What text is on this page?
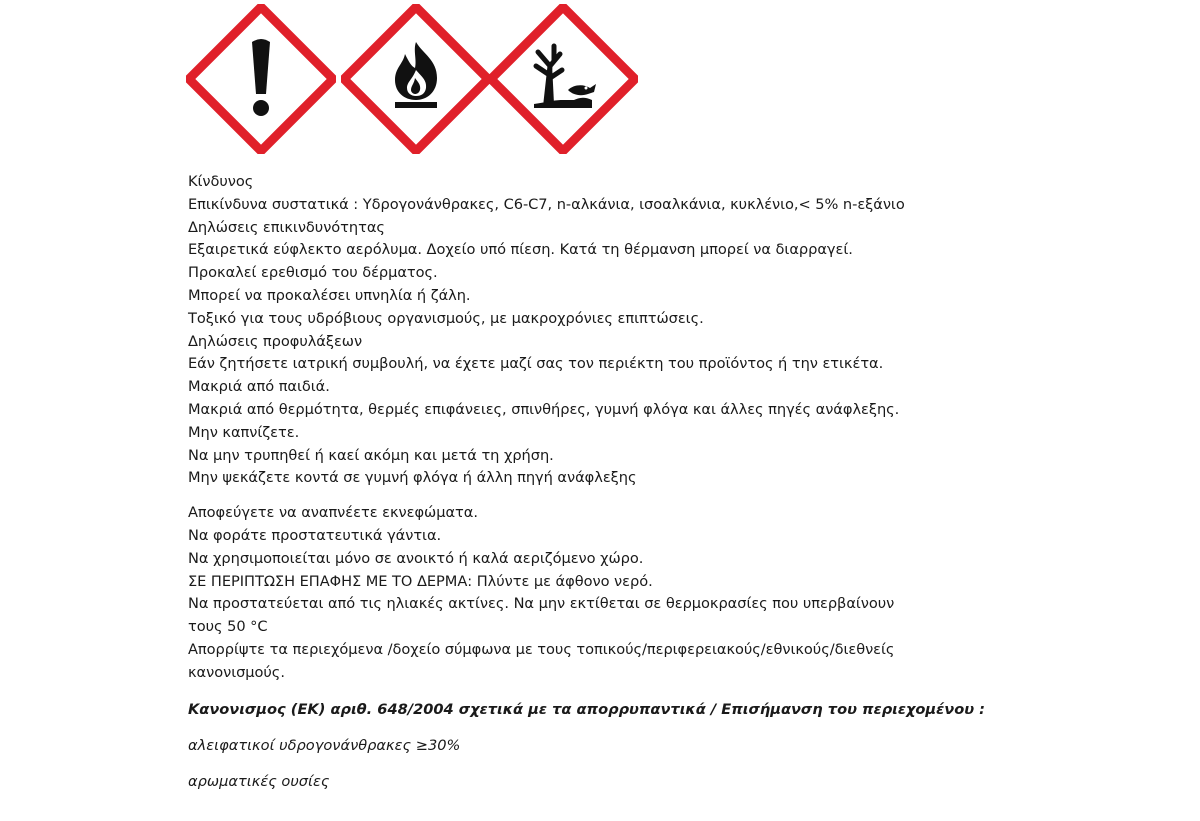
Κίνδυνος
Επικίνδυνα συστατικά : Υδρογονάνθρακες, C6-C7, n-αλκάνια, ισοαλκάνια, κυκλένιο,< 5% n-εξάνιο
Δηλώσεις επικινδυνότητας
Εξαιρετικά εύφλεκτο αερόλυμα. Δοχείο υπό πίεση. Κατά τη θέρμανση μπορεί να διαρραγεί.
Προκαλεί ερεθισμό του δέρματος.
Μπορεί να προκαλέσει υπνηλία ή ζάλη.
Τοξικό για τους υδρόβιους οργανισμούς, με μακροχρόνιες επιπτώσεις.
Δηλώσεις προφυλάξεων
Εάν ζητήσετε ιατρική συμβουλή, να έχετε μαζί σας τον περιέκτη του προϊόντος ή την ετικέτα.
Μακριά από παιδιά.
Μακριά από θερμότητα, θερμές επιφάνειες, σπινθήρες, γυμνή φλόγα και άλλες πηγές ανάφλεξης.
Μην καπνίζετε.
Να μην τρυπηθεί ή καεί ακόμη και μετά τη χρήση.
Μην ψεκάζετε κοντά σε γυμνή φλόγα ή άλλη πηγή ανάφλεξης
Αποφεύγετε να αναπνέετε εκνεφώματα.
Να φοράτε προστατευτικά γάντια.
Να χρησιμοποιείται μόνο σε ανοικτό ή καλά αεριζόμενο χώρο.
ΣΕ ΠΕΡΙΠΤΩΣΗ ΕΠΑΦΗΣ ΜΕ ΤΟ ΔΕΡΜΑ: Πλύντε με άφθονο νερό.
Να προστατεύεται από τις ηλιακές ακτίνες. Να μην εκτίθεται σε θερμοκρασίες που υπερβαίνουν
τους 50 °C
Απορρίψτε τα περιεχόμενα /δοχείο σύμφωνα με τους τοπικούς/περιφερειακούς/εθνικούς/διεθνείς
κανονισμούς.
Κανονισμος (ΕΚ) αριθ. 648/2004 σχετικά με τα απορρυπαντικά / Επισήμανση του περιεχομένου :
αλειφατικοί υδρογονάνθρακες ≥30%
αρωματικές ουσίες
